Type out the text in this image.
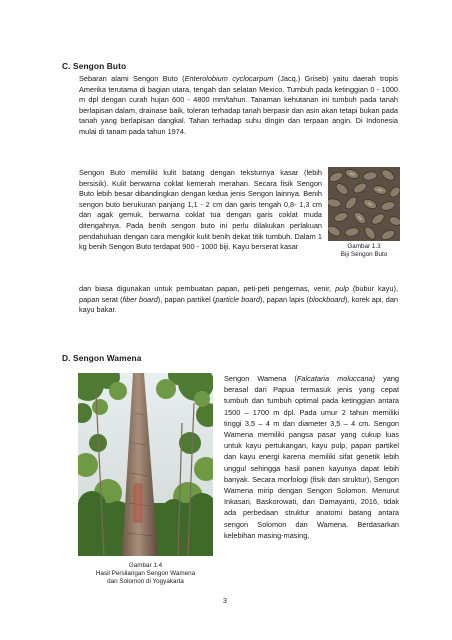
C. Sengon Buto

Sebaran alami Sengon Buto (Enterolobium cyclocarpum (Jacq.) Griseb) yaitu daerah tropis Amerika terutama di bagian utara, tengah dan selatan Mexico. Tumbuh pada ketinggian 0 - 1000 m dpl dengan curah hujan 600 - 4800 mm/tahun. Tanaman kehutanan ini tumbuh pada tanah berlapisan dalam, drainase baik, toleran terhadap tanah berpasir dan asin akan tetapi bukan pada tanah yang berlapisan dangkal. Tahan terhadap suhu dingin dan terpaan angin. Di Indonesia mulai di tanam pada tahun 1974.

Sengon Buto memiliki kulit batang dengan teksturnya kasar (lebih bersisik). Kulit berwarna coklat kemerah merahan. Secara fisik Sengon Buto lebih besar dibandingkan dengan kedua jenis Sengon lainnya. Benih sengon buto berukuran panjang 1,1 - 2 cm dan garis tengah 0,8- 1,3 cm dan agak gemuk, berwarna coklat tua dengan garis coklat muda ditengahnya. Pada benih sengon buto ini perlu dilakukan perlakuan pendahuluan dengan cara mengikir kulit benih dekat titik tumbuh. Dalam 1 kg benih Sengon Buto terdapat 900 - 1000 biji. Kayu berserat kasar	Gambar 1.3
Biji Sengon Buto

dan biasa digunakan untuk pembuatan papan, peti-peti pengemas, venir, pulp (bubur kayu), papan serat (fiber board), papan partikel (particle board), papan lapis (blockboard), korek api, dan kayu bakar.

D. Sengon Wamena
Gambar 1.4
Hasil Persilangan Sengon Wamena
dan Solomon di Yogyakarta

Sengon Wamena (Falcataria moluccana) yang berasal dari Papua termasuk jenis yang cepat tumbuh dan tumbuh optimal pada ketinggian antara 1500 – 1700 m dpl. Pada umur 2 tahun memiliki tinggi 3,5 – 4 m dan diameter 3,5 – 4 cm. Sengon Wamena memiliki pangsa pasar yang cukup luas untuk kayu pertukangan, kayu pulp, papan partikel dan kayu energi karena memiliki sifat genetik lebih unggul sehingga hasil panen kayunya dapat lebih banyak. Secara morfologi (fisik dan struktur), Sengon Wamena mirip dengan Sengon Solomon. Menurut Inkasari, Baskorowati, dan Damayanti, 2016, tidak ada perbedaan struktur anatomi batang antara sengon Solomon dan Wamena. Berdasarkan kelebihan masing-masing,

3
